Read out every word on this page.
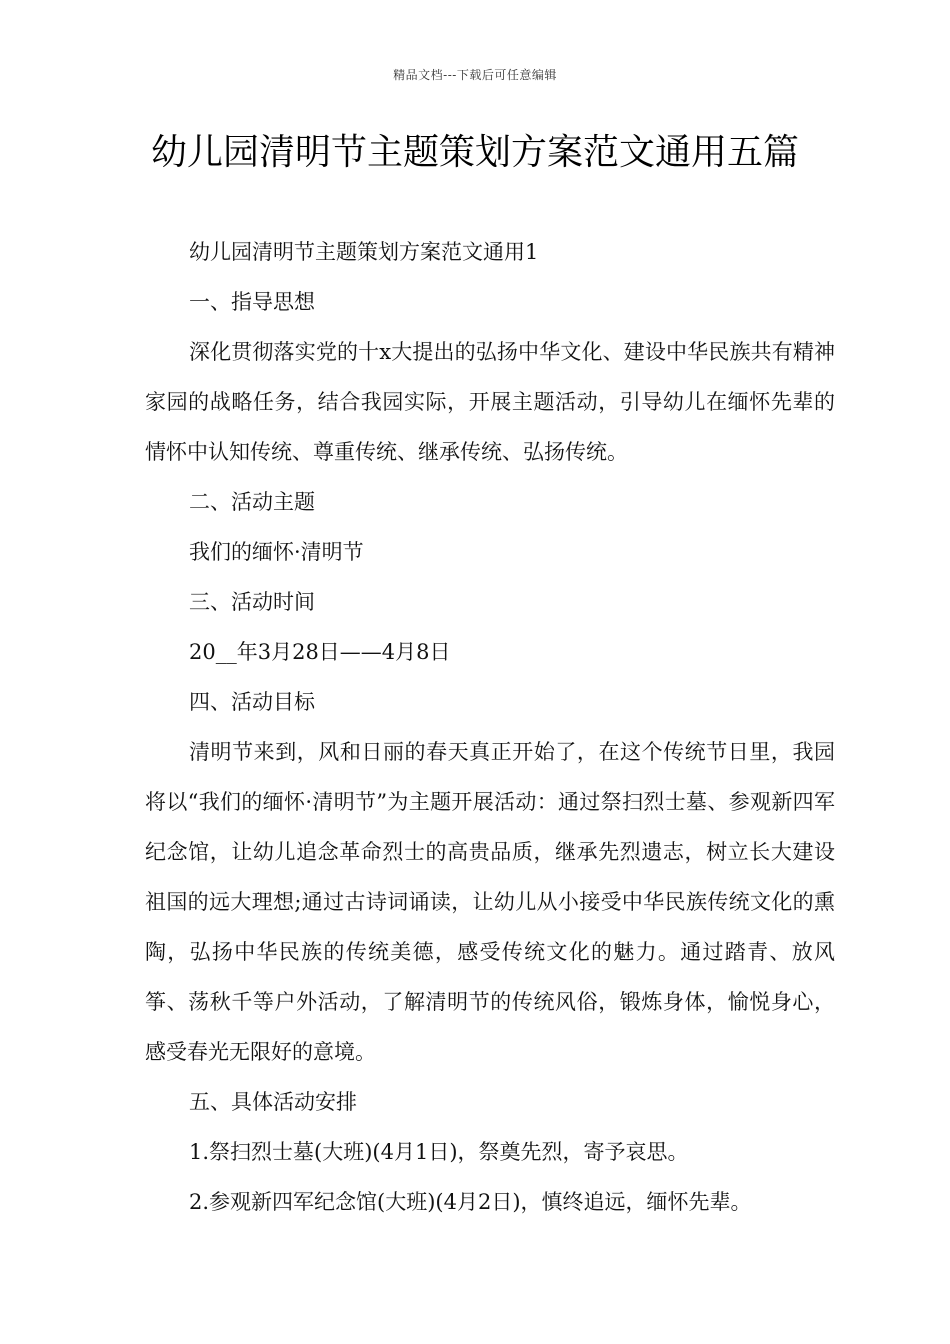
精品文档---下载后可任意编辑
幼儿园清明节主题策划方案范文通用五篇

幼儿园清明节主题策划方案范文通用1

一、指导思想

深化贯彻落实党的十x大提出的弘扬中华文化、建设中华民族共有精神家园的战略任务，结合我园实际，开展主题活动，引导幼儿在缅怀先辈的情怀中认知传统、尊重传统、继承传统、弘扬传统。

二、活动主题

我们的缅怀·清明节

三、活动时间

20__年3月28日——4月8日

四、活动目标

清明节来到，风和日丽的春天真正开始了，在这个传统节日里，我园将以“我们的缅怀·清明节”为主题开展活动：通过祭扫烈士墓、参观新四军纪念馆，让幼儿追念革命烈士的高贵品质，继承先烈遗志，树立长大建设祖国的远大理想;通过古诗词诵读，让幼儿从小接受中华民族传统文化的熏陶，弘扬中华民族的传统美德，感受传统文化的魅力。通过踏青、放风筝、荡秋千等户外活动，了解清明节的传统风俗，锻炼身体，愉悦身心，感受春光无限好的意境。

五、具体活动安排

1.祭扫烈士墓(大班)(4月1日)，祭奠先烈，寄予哀思。

2.参观新四军纪念馆(大班)(4月2日)，慎终追远，缅怀先辈。
